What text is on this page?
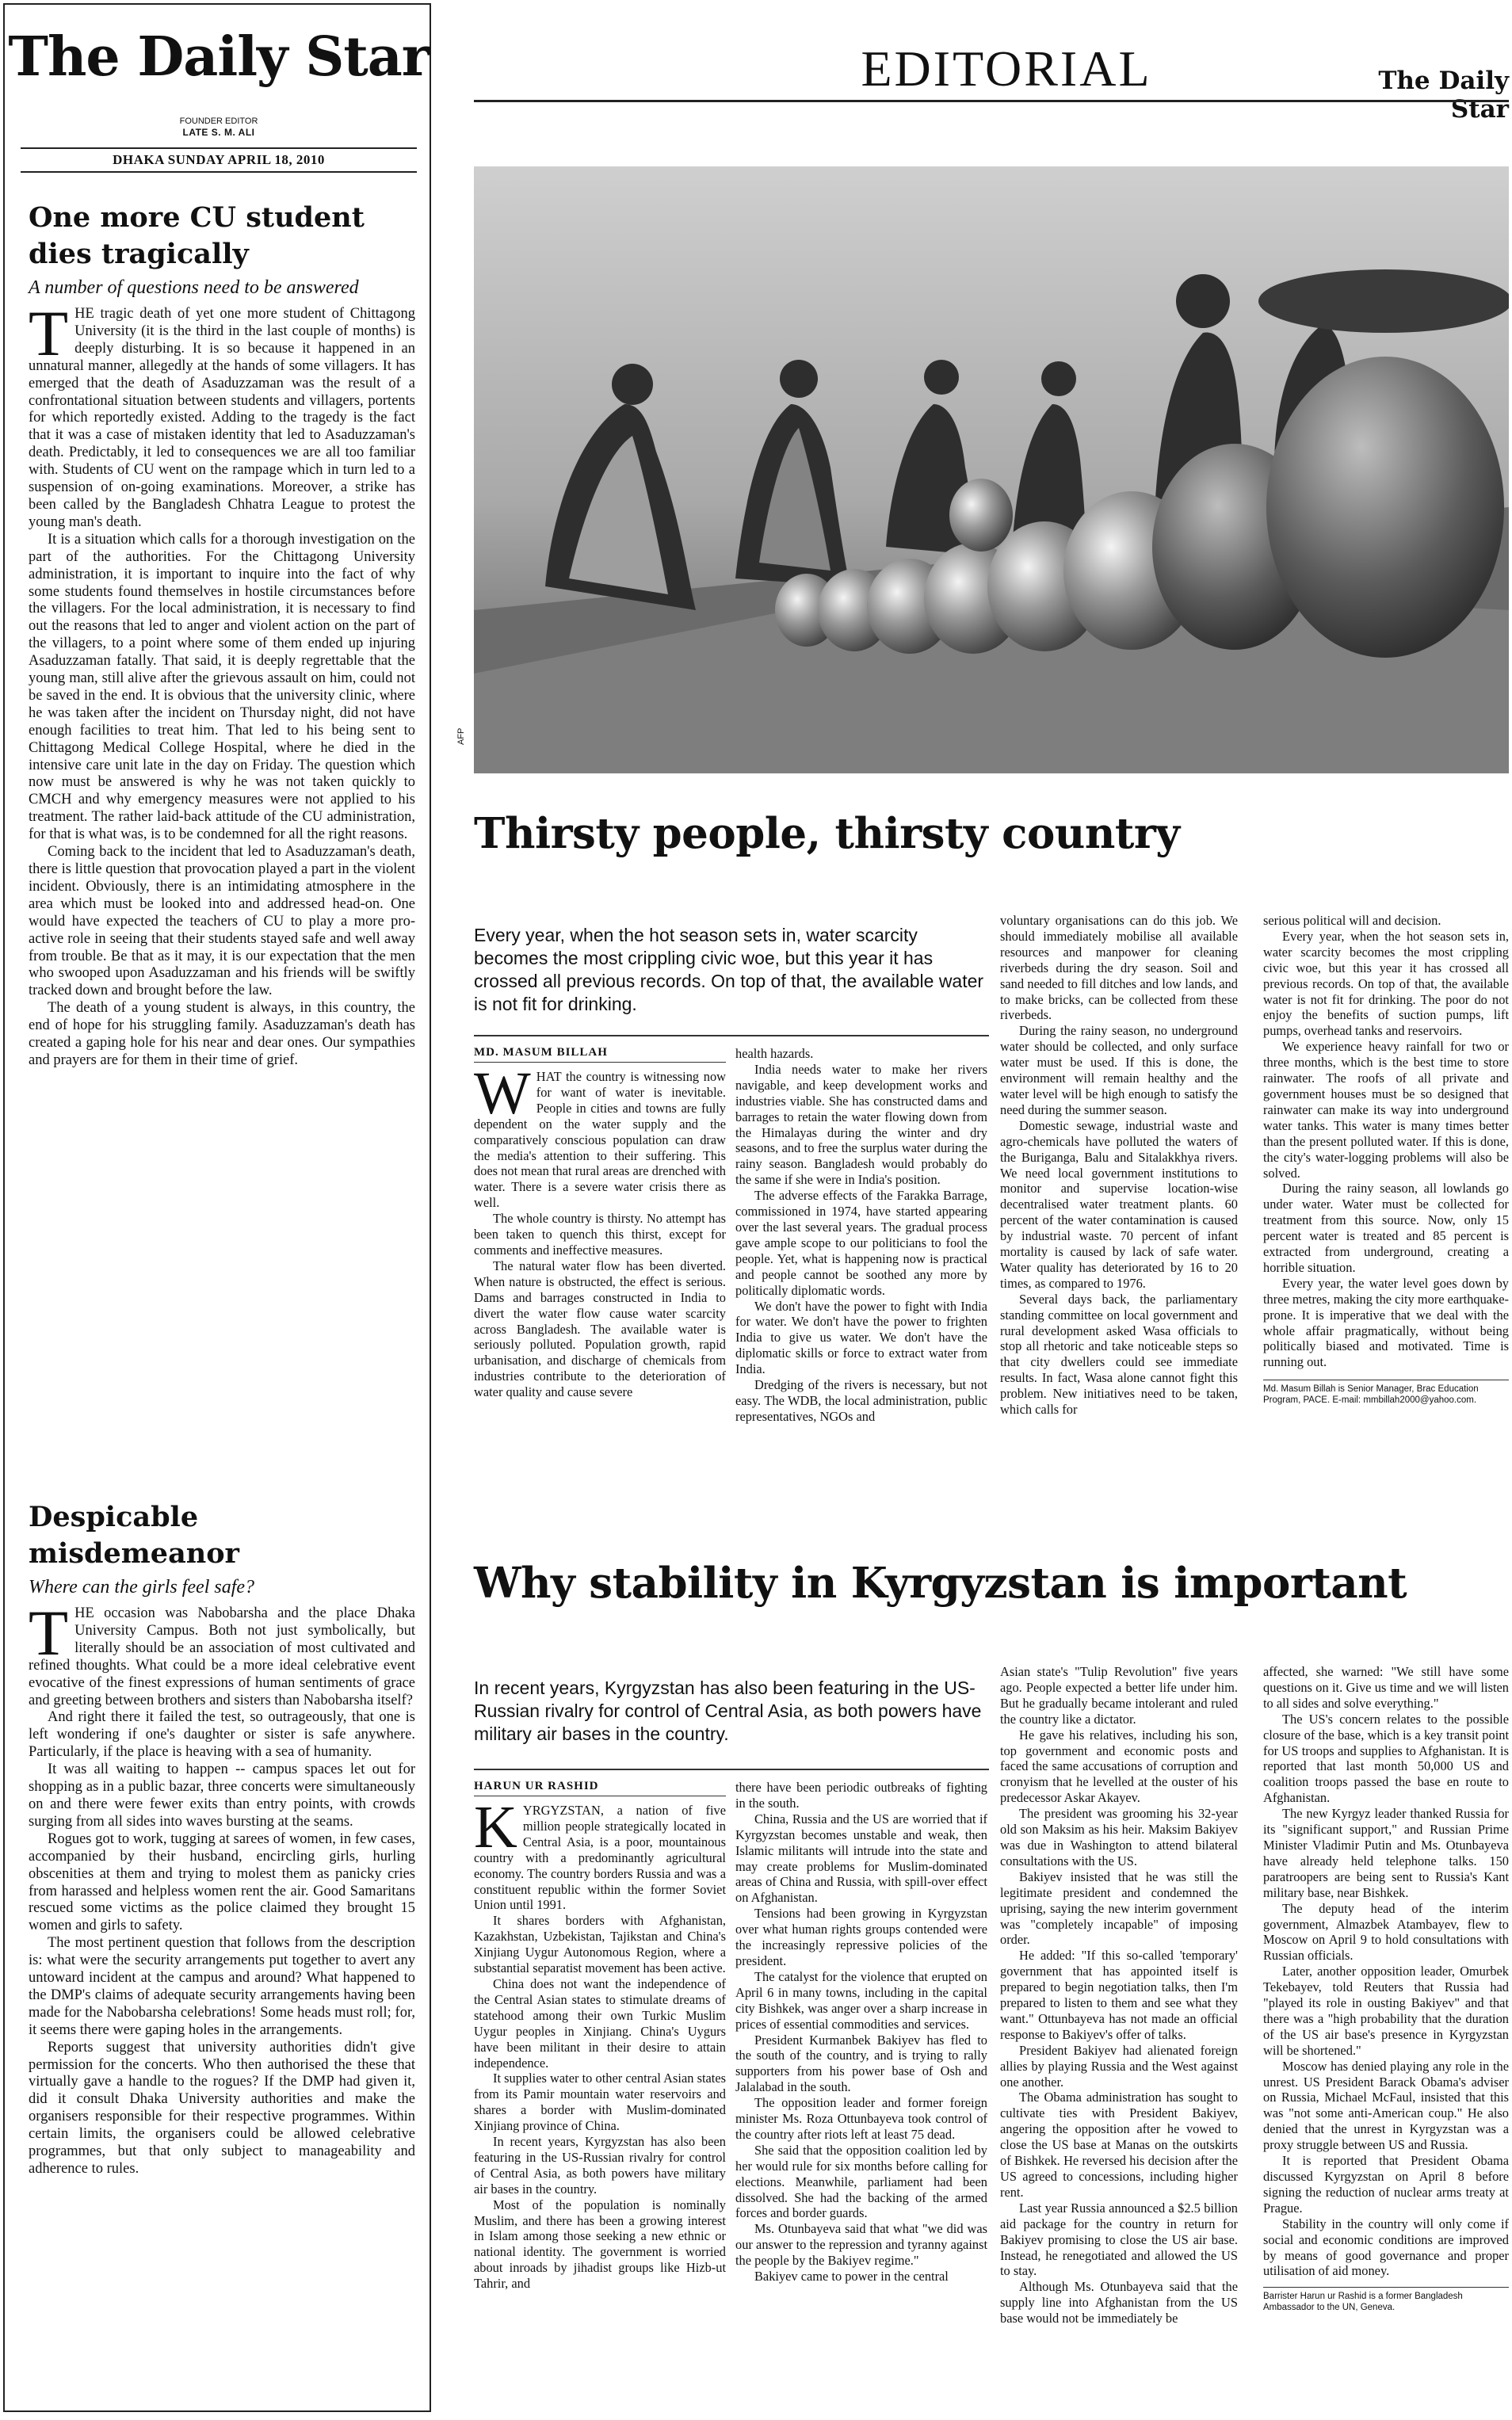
The Daily Star
FOUNDER EDITOR
LATE S. M. ALI
DHAKA SUNDAY APRIL 18, 2010
One more CU student dies tragically
A number of questions need to be answered

THE tragic death of yet one more student of Chittagong University (it is the third in the last couple of months) is deeply disturbing. It is so because it happened in an unnatural manner, allegedly at the hands of some villagers. It has emerged that the death of Asaduzzaman was the result of a confrontational situation between students and villagers, portents for which reportedly existed. Adding to the tragedy is the fact that it was a case of mistaken identity that led to Asaduzzaman's death. Predictably, it led to consequences we are all too familiar with. Students of CU went on the rampage which in turn led to a suspension of on-going examinations. Moreover, a strike has been called by the Bangladesh Chhatra League to protest the young man's death.

It is a situation which calls for a thorough investigation on the part of the authorities. For the Chittagong University administration, it is important to inquire into the fact of why some students found themselves in hostile circumstances before the villagers. For the local administration, it is necessary to find out the reasons that led to anger and violent action on the part of the villagers, to a point where some of them ended up injuring Asaduzzaman fatally. That said, it is deeply regrettable that the young man, still alive after the grievous assault on him, could not be saved in the end. It is obvious that the university clinic, where he was taken after the incident on Thursday night, did not have enough facilities to treat him. That led to his being sent to Chittagong Medical College Hospital, where he died in the intensive care unit late in the day on Friday. The question which now must be answered is why he was not taken quickly to CMCH and why emergency measures were not applied to his treatment. The rather laid-back attitude of the CU administration, for that is what was, is to be condemned for all the right reasons.

Coming back to the incident that led to Asaduzzaman's death, there is little question that provocation played a part in the violent incident. Obviously, there is an intimidating atmosphere in the area which must be looked into and addressed head-on. One would have expected the teachers of CU to play a more pro-active role in seeing that their students stayed safe and well away from trouble. Be that as it may, it is our expectation that the men who swooped upon Asaduzzaman and his friends will be swiftly tracked down and brought before the law.

The death of a young student is always, in this country, the end of hope for his struggling family. Asaduzzaman's death has created a gaping hole for his near and dear ones. Our sympathies and prayers are for them in their time of grief.

Despicable misdemeanor
Where can the girls feel safe?

THE occasion was Nabobarsha and the place Dhaka University Campus. Both not just symbolically, but literally should be an association of most cultivated and refined thoughts. What could be a more ideal celebrative event evocative of the finest expressions of human sentiments of grace and greeting between brothers and sisters than Nabobarsha itself?

And right there it failed the test, so outrageously, that one is left wondering if one's daughter or sister is safe anywhere. Particularly, if the place is heaving with a sea of humanity.

It was all waiting to happen -- campus spaces let out for shopping as in a public bazar, three concerts were simultaneously on and there were fewer exits than entry points, with crowds surging from all sides into waves bursting at the seams.

Rogues got to work, tugging at sarees of women, in few cases, accompanied by their husband, encircling girls, hurling obscenities at them and trying to molest them as panicky cries from harassed and helpless women rent the air. Good Samaritans rescued some victims as the police claimed they brought 15 women and girls to safety.

The most pertinent question that follows from the description is: what were the security arrangements put together to avert any untoward incident at the campus and around? What happened to the DMP's claims of adequate security arrangements having been made for the Nabobarsha celebrations! Some heads must roll; for, it seems there were gaping holes in the arrangements.

Reports suggest that university authorities didn't give permission for the concerts. Who then authorised the these that virtually gave a handle to the rogues? If the DMP had given it, did it consult Dhaka University authorities and make the organisers responsible for their respective programmes. Within certain limits, the organisers could be allowed celebrative programmes, but that only subject to manageability and adherence to rules.

EDITORIAL	The Daily Star
AFP
Thirsty people, thirsty country
Every year, when the hot season sets in, water scarcity becomes the most crippling civic woe, but this year it has crossed all previous records. On top of that, the available water is not fit for drinking.
MD. MASUM BILLAH

WHAT the country is witnessing now for want of water is inevitable. People in cities and towns are fully dependent on the water supply and the comparatively conscious population can draw the media's attention to their suffering. This does not mean that rural areas are drenched with water. There is a severe water crisis there as well.

The whole country is thirsty. No attempt has been taken to quench this thirst, except for comments and ineffective measures.

The natural water flow has been diverted. When nature is obstructed, the effect is serious. Dams and barrages constructed in India to divert the water flow cause water scarcity across Bangladesh. The available water is seriously polluted. Population growth, rapid urbanisation, and discharge of chemicals from industries contribute to the deterioration of water quality and cause severe

health hazards.

India needs water to make her rivers navigable, and keep development works and industries viable. She has constructed dams and barrages to retain the water flowing down from the Himalayas during the winter and dry seasons, and to free the surplus water during the rainy season. Bangladesh would probably do the same if she were in India's position.

The adverse effects of the Farakka Barrage, commissioned in 1974, have started appearing over the last several years. The gradual process gave ample scope to our politicians to fool the people. Yet, what is happening now is practical and people cannot be soothed any more by politically diplomatic words.

We don't have the power to fight with India for water. We don't have the power to frighten India to give us water. We don't have the diplomatic skills or force to extract water from India.

Dredging of the rivers is necessary, but not easy. The WDB, the local administration, public representatives, NGOs and

voluntary organisations can do this job. We should immediately mobilise all available resources and manpower for cleaning riverbeds during the dry season. Soil and sand needed to fill ditches and low lands, and to make bricks, can be collected from these riverbeds.

During the rainy season, no underground water should be collected, and only surface water must be used. If this is done, the environment will remain healthy and the water level will be high enough to satisfy the need during the summer season.

Domestic sewage, industrial waste and agro-chemicals have polluted the waters of the Buriganga, Balu and Sitalakkhya rivers. We need local government institutions to monitor and supervise location-wise decentralised water treatment plants. 60 percent of the water contamination is caused by industrial waste. 70 percent of infant mortality is caused by lack of safe water. Water quality has deteriorated by 16 to 20 times, as compared to 1976.

Several days back, the parliamentary standing committee on local government and rural development asked Wasa officials to stop all rhetoric and take noticeable steps so that city dwellers could see immediate results. In fact, Wasa alone cannot fight this problem. New initiatives need to be taken, which calls for

serious political will and decision.

Every year, when the hot season sets in, water scarcity becomes the most crippling civic woe, but this year it has crossed all previous records. On top of that, the available water is not fit for drinking. The poor do not enjoy the benefits of suction pumps, lift pumps, overhead tanks and reservoirs.

We experience heavy rainfall for two or three months, which is the best time to store rainwater. The roofs of all private and government houses must be so designed that rainwater can make its way into underground water tanks. This water is many times better than the present polluted water. If this is done, the city's water-logging problems will also be solved.

During the rainy season, all lowlands go under water. Water must be collected for treatment from this source. Now, only 15 percent water is treated and 85 percent is extracted from underground, creating a horrible situation.

Every year, the water level goes down by three metres, making the city more earthquake-prone. It is imperative that we deal with the whole affair pragmatically, without being politically biased and motivated. Time is running out.

Md. Masum Billah is Senior Manager, Brac Education Program, PACE. E-mail: mmbillah2000@yahoo.com.
Why stability in Kyrgyzstan is important
In recent years, Kyrgyzstan has also been featuring in the US-Russian rivalry for control of Central Asia, as both powers have military air bases in the country.
HARUN UR RASHID

KYRGYZSTAN, a nation of five million people strategically located in Central Asia, is a poor, mountainous country with a predominantly agricultural economy. The country borders Russia and was a constituent republic within the former Soviet Union until 1991.

It shares borders with Afghanistan, Kazakhstan, Uzbekistan, Tajikstan and China's Xinjiang Uygur Autonomous Region, where a substantial separatist movement has been active.

China does not want the independence of the Central Asian states to stimulate dreams of statehood among their own Turkic Muslim Uygur peoples in Xinjiang. China's Uygurs have been militant in their desire to attain independence.

It supplies water to other central Asian states from its Pamir mountain water reservoirs and shares a border with Muslim-dominated Xinjiang province of China.

In recent years, Kyrgyzstan has also been featuring in the US-Russian rivalry for control of Central Asia, as both powers have military air bases in the country.

Most of the population is nominally Muslim, and there has been a growing interest in Islam among those seeking a new ethnic or national identity. The government is worried about inroads by jihadist groups like Hizb-ut Tahrir, and

there have been periodic outbreaks of fighting in the south.

China, Russia and the US are worried that if Kyrgyzstan becomes unstable and weak, then Islamic militants will intrude into the state and may create problems for Muslim-dominated areas of China and Russia, with spill-over effect on Afghanistan.

Tensions had been growing in Kyrgyzstan over what human rights groups contended were the increasingly repressive policies of the president.

The catalyst for the violence that erupted on April 6 in many towns, including in the capital city Bishkek, was anger over a sharp increase in prices of essential commodities and services.

President Kurmanbek Bakiyev has fled to the south of the country, and is trying to rally supporters from his power base of Osh and Jalalabad in the south.

The opposition leader and former foreign minister Ms. Roza Ottunbayeva took control of the country after riots left at least 75 dead.

She said that the opposition coalition led by her would rule for six months before calling for elections. Meanwhile, parliament had been dissolved. She had the backing of the armed forces and border guards.

Ms. Otunbayeva said that what "we did was our answer to the repression and tyranny against the people by the Bakiyev regime."

Bakiyev came to power in the central

Asian state's "Tulip Revolution" five years ago. People expected a better life under him. But he gradually became intolerant and ruled the country like a dictator.

He gave his relatives, including his son, top government and economic posts and faced the same accusations of corruption and cronyism that he levelled at the ouster of his predecessor Askar Akayev.

The president was grooming his 32-year old son Maksim as his heir. Maksim Bakiyev was due in Washington to attend bilateral consultations with the US.

Bakiyev insisted that he was still the legitimate president and condemned the uprising, saying the new interim government was "completely incapable" of imposing order.

He added: "If this so-called 'temporary' government that has appointed itself is prepared to begin negotiation talks, then I'm prepared to listen to them and see what they want." Ottunbayeva has not made an official response to Bakiyev's offer of talks.

President Bakiyev had alienated foreign allies by playing Russia and the West against one another.

The Obama administration has sought to cultivate ties with President Bakiyev, angering the opposition after he vowed to close the US base at Manas on the outskirts of Bishkek. He reversed his decision after the US agreed to concessions, including higher rent.

Last year Russia announced a $2.5 billion aid package for the country in return for Bakiyev promising to close the US air base. Instead, he renegotiated and allowed the US to stay.

Although Ms. Otunbayeva said that the supply line into Afghanistan from the US base would not be immediately be

affected, she warned: "We still have some questions on it. Give us time and we will listen to all sides and solve everything."

The US's concern relates to the possible closure of the base, which is a key transit point for US troops and supplies to Afghanistan. It is reported that last month 50,000 US and coalition troops passed the base en route to Afghanistan.

The new Kyrgyz leader thanked Russia for its "significant support," and Russian Prime Minister Vladimir Putin and Ms. Otunbayeva have already held telephone talks. 150 paratroopers are being sent to Russia's Kant military base, near Bishkek.

The deputy head of the interim government, Almazbek Atambayev, flew to Moscow on April 9 to hold consultations with Russian officials.

Later, another opposition leader, Omurbek Tekebayev, told Reuters that Russia had "played its role in ousting Bakiyev" and that there was a "high probability that the duration of the US air base's presence in Kyrgyzstan will be shortened."

Moscow has denied playing any role in the unrest. US President Barack Obama's adviser on Russia, Michael McFaul, insisted that this was "not some anti-American coup." He also denied that the unrest in Kyrgyzstan was a proxy struggle between US and Russia.

It is reported that President Obama discussed Kyrgyzstan on April 8 before signing the reduction of nuclear arms treaty at Prague.

Stability in the country will only come if social and economic conditions are improved by means of good governance and proper utilisation of aid money.

Barrister Harun ur Rashid is a former Bangladesh Ambassador to the UN, Geneva.
